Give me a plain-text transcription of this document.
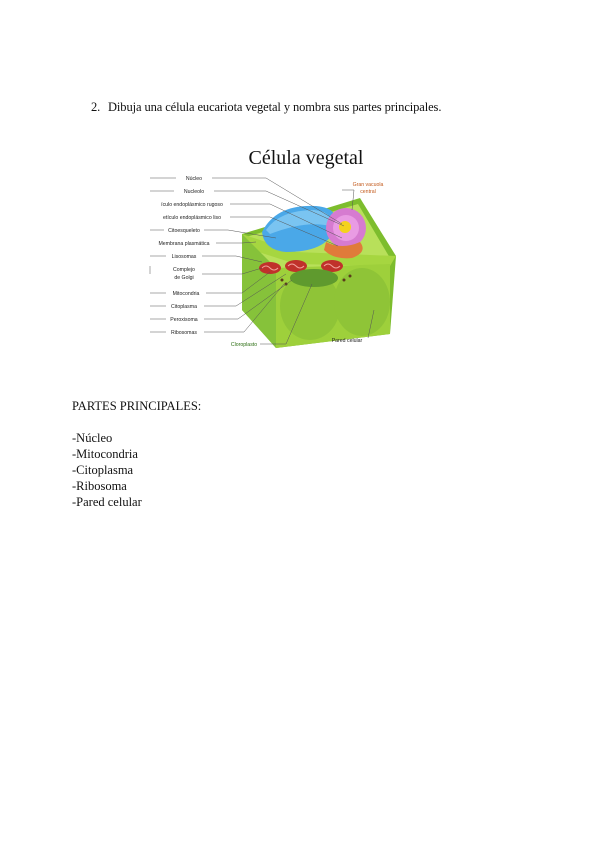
2. Dibuja una célula eucariota vegetal y nombra sus partes principales.
Célula vegetal
Núcleo
Nucleolo
ículo endoplásmico rugoso
etículo endoplásmico liso
Citoesqueleto
Membrana plasmática
Lisosomas
Complejo
de Golgi
Mitocondria
Citoplasma
Peroxisoma
Ribosomas
Gran vacuola
central
Cloroplasto
Pared celular
PARTES PRINCIPALES:
-Núcleo
-Mitocondria
-Citoplasma
-Ribosoma
-Pared celular
